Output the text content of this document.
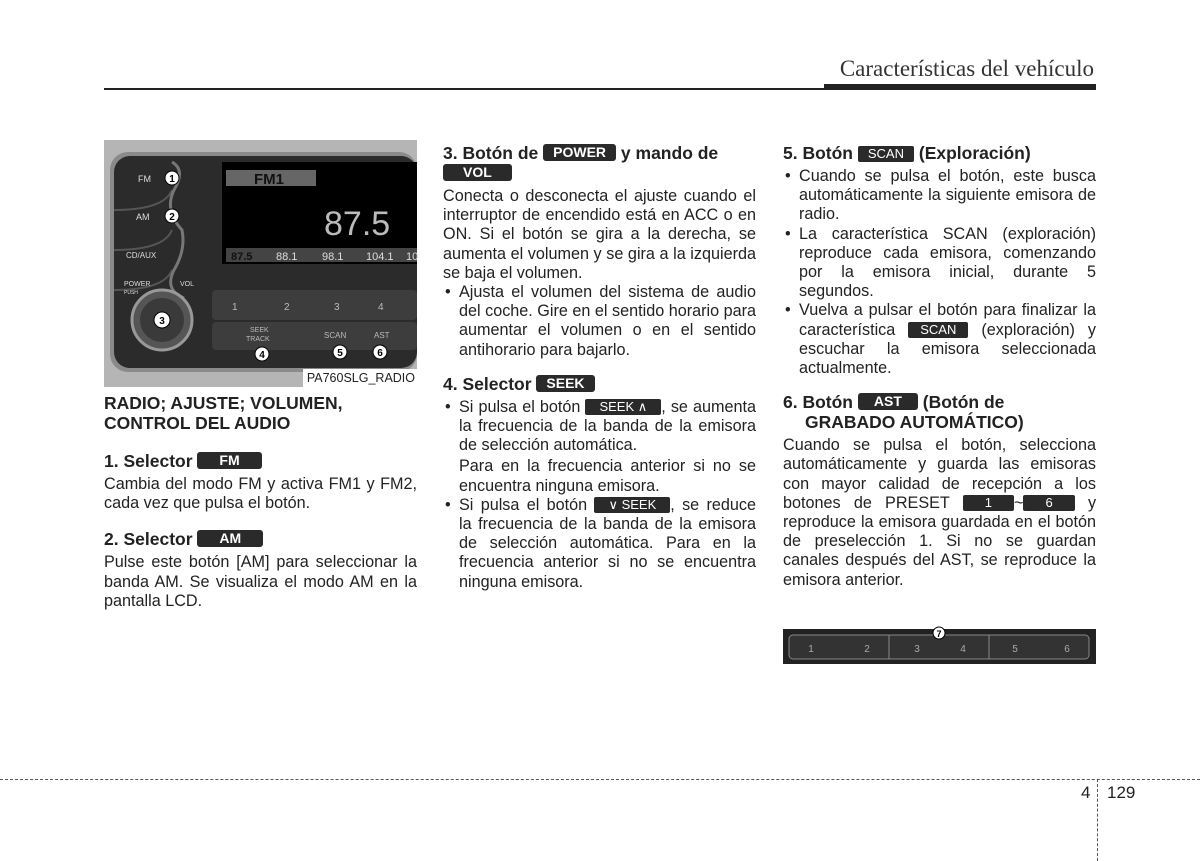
Características del vehículo
FM
AM
CD/AUX
FM1
87.5
87.5 88.1 98.1 104.1 10
POWER
PUSH
VOL
1	2	3	4
SEEK
TRACK	SCAN	AST
1
2
3
4	5	6
PA760SLG_RADIO
RADIO; AJUSTE; VOLUMEN, CONTROL DEL AUDIO
1. Selector FM

Cambia del modo FM y activa FM1 y FM2, cada vez que pulsa el botón.

2. Selector AM

Pulse este botón [AM] para seleccionar la banda AM. Se visualiza el modo AM en la pantalla LCD.

3. Botón de POWER y mando de
VOL

Conecta o desconecta el ajuste cuando el interruptor de encendido está en ACC o en ON. Si el botón se gira a la derecha, se aumenta el volumen y se gira a la izquierda se baja el volumen.

• Ajusta el volumen del sistema de audio del coche. Gire en el sentido horario para aumentar el volumen o en el sentido antihorario para bajarlo.
4. Selector SEEK
• Si pulsa el botón SEEK ∧ , se aumenta la frecuencia de la banda de la emisora de selección automática.
Para en la frecuencia anterior si no se encuentra ninguna emisora.
• Si pulsa el botón ∨ SEEK , se reduce la frecuencia de la banda de la emisora de selección automática. Para en la frecuencia anterior si no se encuentra ninguna emisora.
5. Botón SCAN (Exploración)
• Cuando se pulsa el botón, este busca automáticamente la siguiente emisora de radio.
• La característica SCAN (exploración) reproduce cada emisora, comenzando por la emisora inicial, durante 5 segundos.
• Vuelva a pulsar el botón para finalizar la característica SCAN (exploración) y escuchar la emisora seleccionada actualmente.
6. Botón AST (Botón de
GRABADO AUTOMÁTICO)

Cuando se pulsa el botón, selecciona automáticamente y guarda las emisoras con mayor calidad de recepción a los botones de PRESET	1 ~ 6 y reproduce la emisora guardada en el botón de preselección 1. Si no se guardan canales después del AST, se reproduce la emisora anterior.

1	2	3	4	5	6
7
4 129
